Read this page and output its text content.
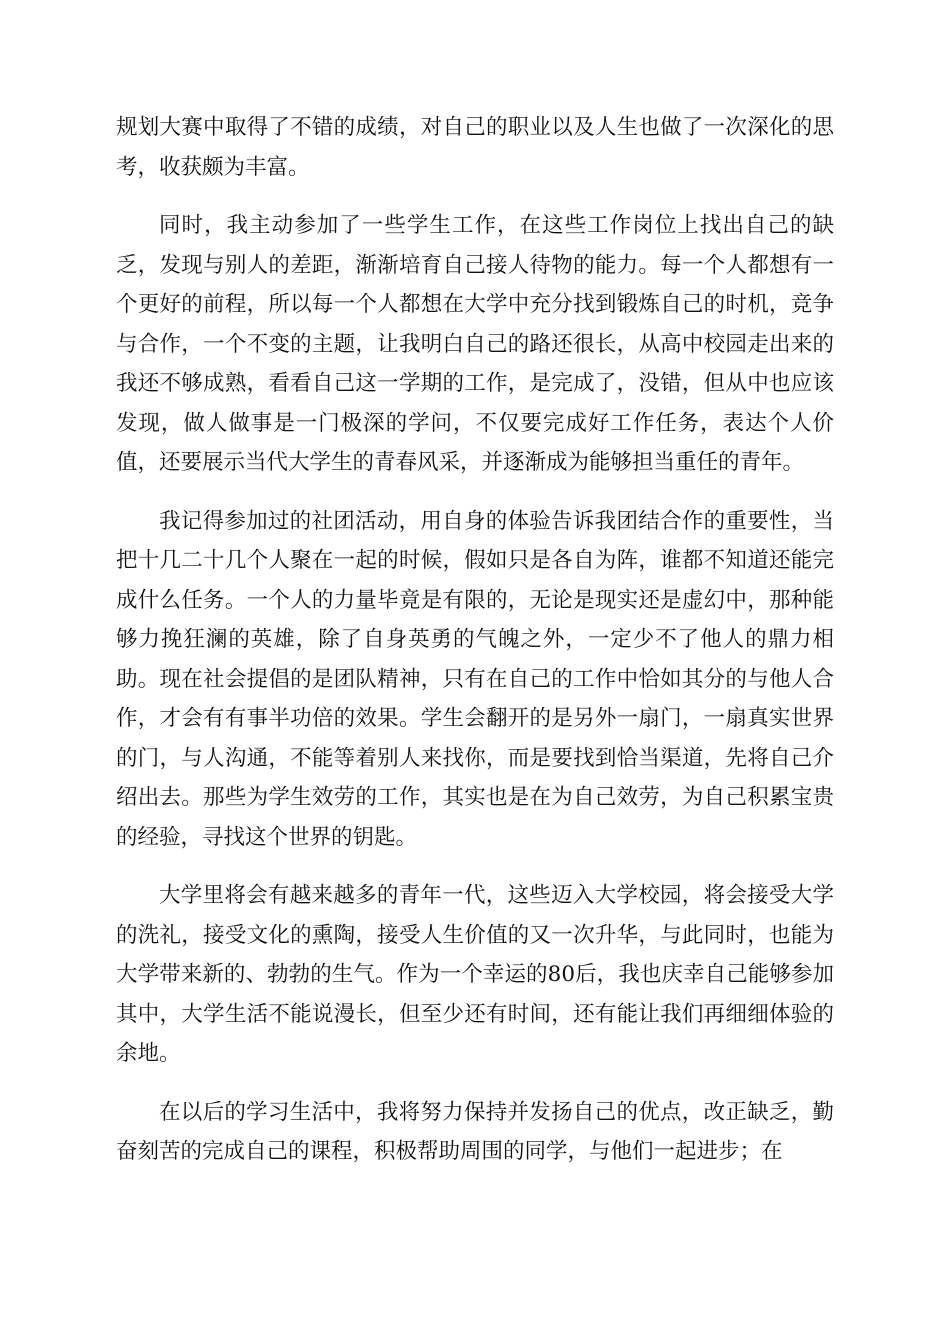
规划大赛中取得了不错的成绩，对自己的职业以及人生也做了一次深化的思考，收获颇为丰富。

同时，我主动参加了一些学生工作，在这些工作岗位上找出自己的缺乏，发现与别人的差距，渐渐培育自己接人待物的能力。每一个人都想有一个更好的前程，所以每一个人都想在大学中充分找到锻炼自己的时机，竞争与合作，一个不变的主题，让我明白自己的路还很长，从高中校园走出来的我还不够成熟，看看自己这一学期的工作，是完成了，没错，但从中也应该发现，做人做事是一门极深的学问，不仅要完成好工作任务，表达个人价值，还要展示当代大学生的青春风采，并逐渐成为能够担当重任的青年。

我记得参加过的社团活动，用自身的体验告诉我团结合作的重要性，当把十几二十几个人聚在一起的时候，假如只是各自为阵，谁都不知道还能完成什么任务。一个人的力量毕竟是有限的，无论是现实还是虚幻中，那种能够力挽狂澜的英雄，除了自身英勇的气魄之外，一定少不了他人的鼎力相助。现在社会提倡的是团队精神，只有在自己的工作中恰如其分的与他人合作，才会有有事半功倍的效果。学生会翻开的是另外一扇门，一扇真实世界的门，与人沟通，不能等着别人来找你，而是要找到恰当渠道，先将自己介绍出去。那些为学生效劳的工作，其实也是在为自己效劳，为自己积累宝贵的经验，寻找这个世界的钥匙。

大学里将会有越来越多的青年一代，这些迈入大学校园，将会接受大学的洗礼，接受文化的熏陶，接受人生价值的又一次升华，与此同时，也能为大学带来新的、勃勃的生气。作为一个幸运的80后，我也庆幸自己能够参加其中，大学生活不能说漫长，但至少还有时间，还有能让我们再细细体验的余地。

在以后的学习生活中，我将努力保持并发扬自己的优点，改正缺乏，勤奋刻苦的完成自己的课程，积极帮助周围的同学，与他们一起进步；在
